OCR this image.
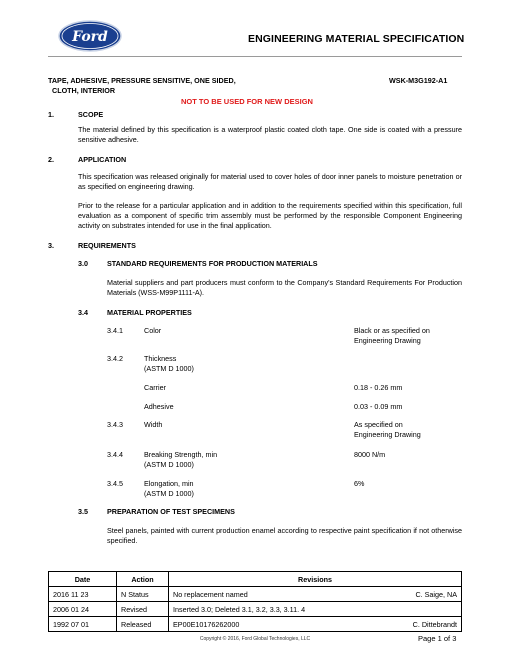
Ford	ENGINEERING MATERIAL SPECIFICATION
TAPE, ADHESIVE, PRESSURE SENSITIVE, ONE SIDED,
CLOTH, INTERIOR
WSK-M3G192-A1
NOT TO BE USED FOR NEW DESIGN
1.	SCOPE
The material defined by this specification is a waterproof plastic coated cloth tape. One side is coated with a pressure sensitive adhesive.
2.	APPLICATION
This specification was released originally for material used to cover holes of door inner panels to moisture penetration or as specified on engineering drawing.
Prior to the release for a particular application and in addition to the requirements specified within this specification, full evaluation as a component of specific trim assembly must be performed by the responsible Component Engineering activity on substrates intended for use in the final application.
3.	REQUIREMENTS
3.0	STANDARD REQUIREMENTS FOR PRODUCTION MATERIALS
Material suppliers and part producers must conform to the Company's Standard Requirements For Production Materials (WSS-M99P1111-A).
3.4	MATERIAL PROPERTIES
3.4.1	Color	Black or as specified on
Engineering Drawing
3.4.2	Thickness
(ASTM D 1000)
Carrier	0.18 - 0.26 mm
Adhesive	0.03 - 0.09 mm
3.4.3	Width	As specified on
Engineering Drawing
3.4.4	Breaking Strength, min
(ASTM D 1000)
8000 N/m
3.4.5	Elongation, min
(ASTM D 1000)
6%
3.5	PREPARATION OF TEST SPECIMENS
Steel panels, painted with current production enamel according to respective paint specification if not otherwise specified.
Date	Action	Revisions
2016 11 23	N Status	No replacement named C. Saige, NA

2006 01 24	Revised	Inserted 3.0; Deleted 3.1, 3.2, 3.3, 3.11. 4

1992 07 01	Released	EP00E10176262000 C. Dittebrandt
Copyright © 2016, Ford Global Technologies, LLC	Page 1 of 3
